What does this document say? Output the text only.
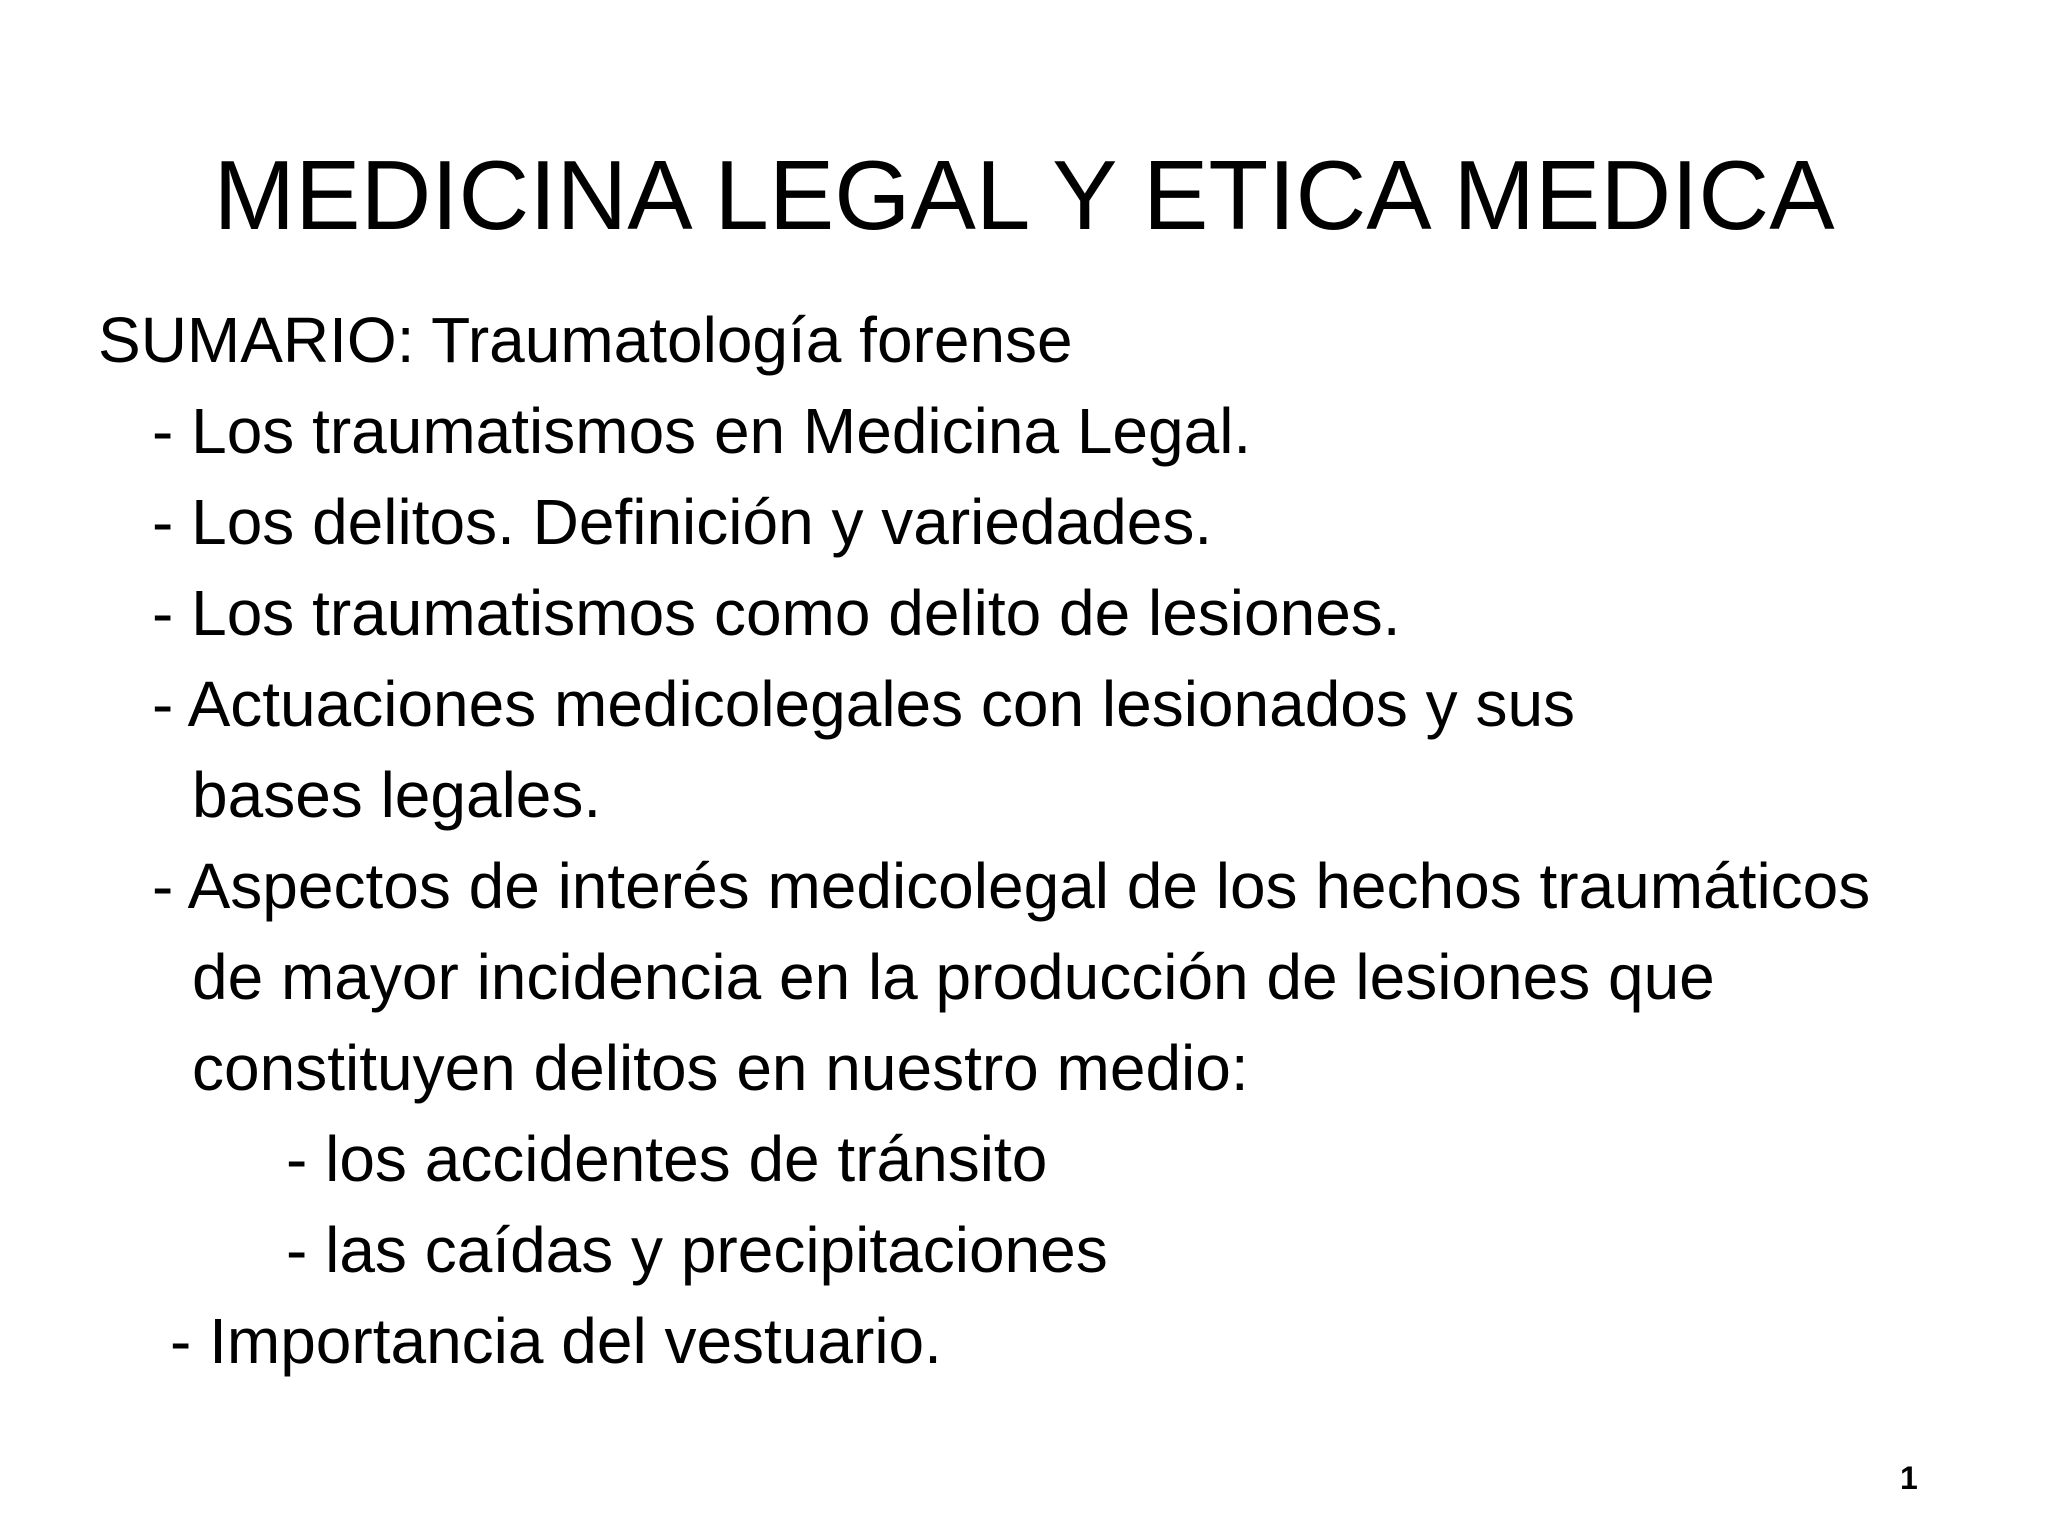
MEDICINA LEGAL Y ETICA MEDICA

SUMARIO: Traumatología forense

- Los traumatismos en Medicina Legal.

- Los delitos. Definición y variedades.

- Los traumatismos como delito de lesiones.

- Actuaciones medicolegales con lesionados y sus

bases legales.

- Aspectos de interés medicolegal de los hechos traumáticos

de mayor incidencia en la producción de lesiones que

constituyen delitos en nuestro medio:

- los accidentes de tránsito

- las caídas y precipitaciones

- Importancia del vestuario.

1
